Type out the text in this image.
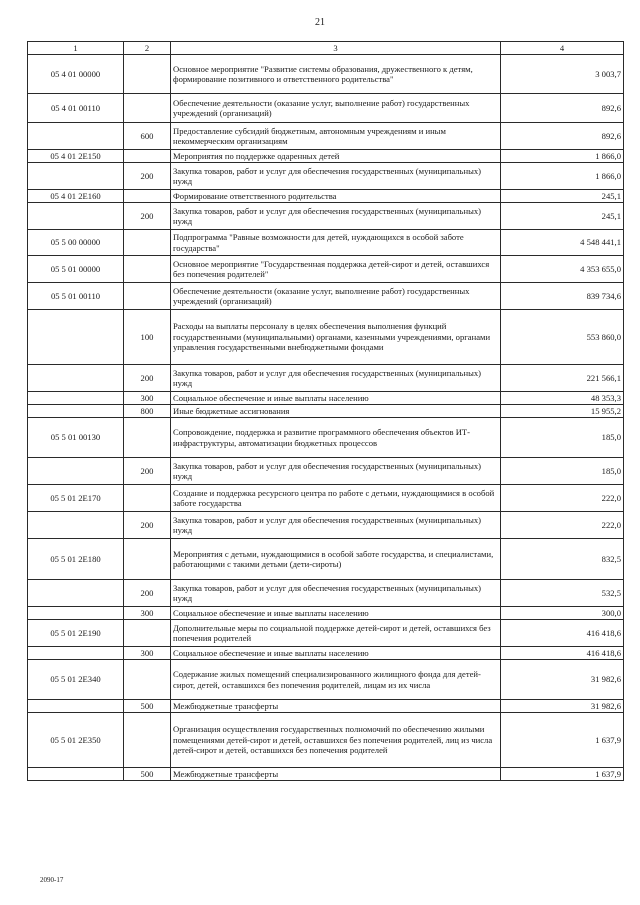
21
1	2	3	4
05 4 01 00000		Основное мероприятие "Развитие системы образования, дружественного к детям, формирование позитивного и ответственного родительства"	3 003,7
05 4 01 00110		Обеспечение деятельности (оказание услуг, выполнение работ) государственных учреждений (организаций)	892,6
	600	Предоставление субсидий бюджетным, автономным учреждениям и иным некоммерческим организациям	892,6
05 4 01 2Е150		Мероприятия по поддержке одаренных детей	1 866,0
	200	Закупка товаров, работ и услуг для обеспечения государственных (муниципальных) нужд	1 866,0
05 4 01 2Е160		Формирование ответственного родительства	245,1
	200	Закупка товаров, работ и услуг для обеспечения государственных (муниципальных) нужд	245,1
05 5 00 00000		Подпрограмма "Равные возможности для детей, нуждающихся в особой заботе государства"	4 548 441,1
05 5 01 00000		Основное мероприятие "Государственная поддержка детей-сирот и детей, оставшихся без попечения родителей"	4 353 655,0
05 5 01 00110		Обеспечение деятельности (оказание услуг, выполнение работ) государственных учреждений (организаций)	839 734,6
	100	Расходы на выплаты персоналу в целях обеспечения выполнения функций государственными (муниципальными) органами, казенными учреждениями, органами управления государственными внебюджетными фондами	553 860,0
	200	Закупка товаров, работ и услуг для обеспечения государственных (муниципальных) нужд	221 566,1
	300	Социальное обеспечение и иные выплаты населению	48 353,3
	800	Иные бюджетные ассигнования	15 955,2
05 5 01 00130		Сопровождение, поддержка и развитие программного обеспечения объектов ИТ-инфраструктуры, автоматизации бюджетных процессов	185,0
	200	Закупка товаров, работ и услуг для обеспечения государственных (муниципальных) нужд	185,0
05 5 01 2Е170		Создание и поддержка ресурсного центра по работе с детьми, нуждающимися в особой заботе государства	222,0
	200	Закупка товаров, работ и услуг для обеспечения государственных (муниципальных) нужд	222,0
05 5 01 2Е180		Мероприятия с детьми, нуждающимися в особой заботе государства, и специалистами, работающими с такими детьми (дети-сироты)	832,5
	200	Закупка товаров, работ и услуг для обеспечения государственных (муниципальных) нужд	532,5
	300	Социальное обеспечение и иные выплаты населению	300,0
05 5 01 2Е190		Дополнительные меры по социальной поддержке детей-сирот и детей, оставшихся без попечения родителей	416 418,6
	300	Социальное обеспечение и иные выплаты населению	416 418,6
05 5 01 2Е340		Содержание жилых помещений специализированного жилищного фонда для детей-сирот, детей, оставшихся без попечения родителей, лицам из их числа	31 982,6
	500	Межбюджетные трансферты	31 982,6
05 5 01 2Е350		Организация осуществления государственных полномочий по обеспечению жилыми помещениями детей-сирот и детей, оставшихся без попечения родителей, лиц из числа детей-сирот и детей, оставшихся без попечения родителей	1 637,9
	500	Межбюджетные трансферты	1 637,9
2090-17
